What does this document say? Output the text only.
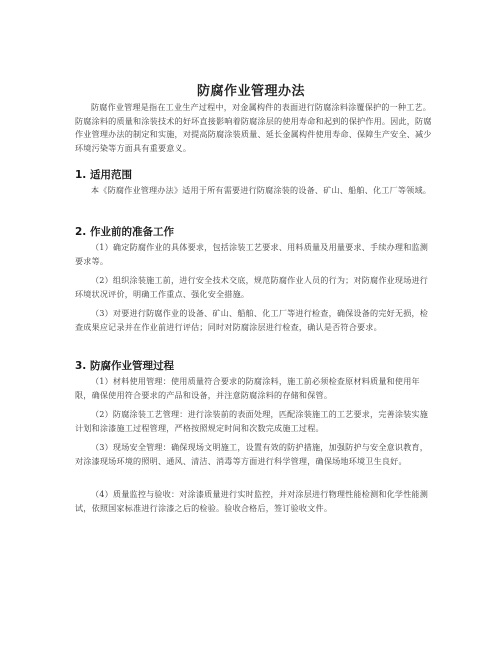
防腐作业管理办法
防腐作业管理是指在工业生产过程中，对金属构件的表面进行防腐涂料涂覆保护的一种工艺。防腐涂料的质量和涂装技术的好坏直接影响着防腐涂层的使用寿命和起到的保护作用。因此，防腐作业管理办法的制定和实施，对提高防腐涂装质量、延长金属构件使用寿命、保障生产安全、减少环境污染等方面具有重要意义。
1. 适用范围
本《防腐作业管理办法》适用于所有需要进行防腐涂装的设备、矿山、船舶、化工厂等领域。
2. 作业前的准备工作
（1）确定防腐作业的具体要求，包括涂装工艺要求、用料质量及用量要求、手续办理和监测要求等。
（2）组织涂装施工前，进行安全技术交底，规范防腐作业人员的行为；对防腐作业现场进行环境状况评价，明确工作重点、强化安全措施。
（3）对要进行防腐作业的设备、矿山、船舶、化工厂等进行检查，确保设备的完好无损，检查成果应记录并在作业前进行评估；同时对防腐涂层进行检查，确认是否符合要求。
3. 防腐作业管理过程
（1）材料使用管理：使用质量符合要求的防腐涂料，施工前必须检查原材料质量和使用年限，确保使用符合要求的产品和设备，并注意防腐涂料的存储和保管。
（2）防腐涂装工艺管理：进行涂装前的表面处理，匹配涂装施工的工艺要求，完善涂装实施计划和涂漆施工过程管理，严格按照规定时间和次数完成施工过程。
（3）现场安全管理：确保现场文明施工，设置有效的防护措施，加强防护与安全意识教育，对涂漆现场环境的照明、通风、清洁、消毒等方面进行科学管理，确保场地环境卫生良好。
（4）质量监控与验收：对涂漆质量进行实时监控，并对涂层进行物理性能检测和化学性能测试，依照国家标准进行涂漆之后的检验。验收合格后，签订验收文件。
